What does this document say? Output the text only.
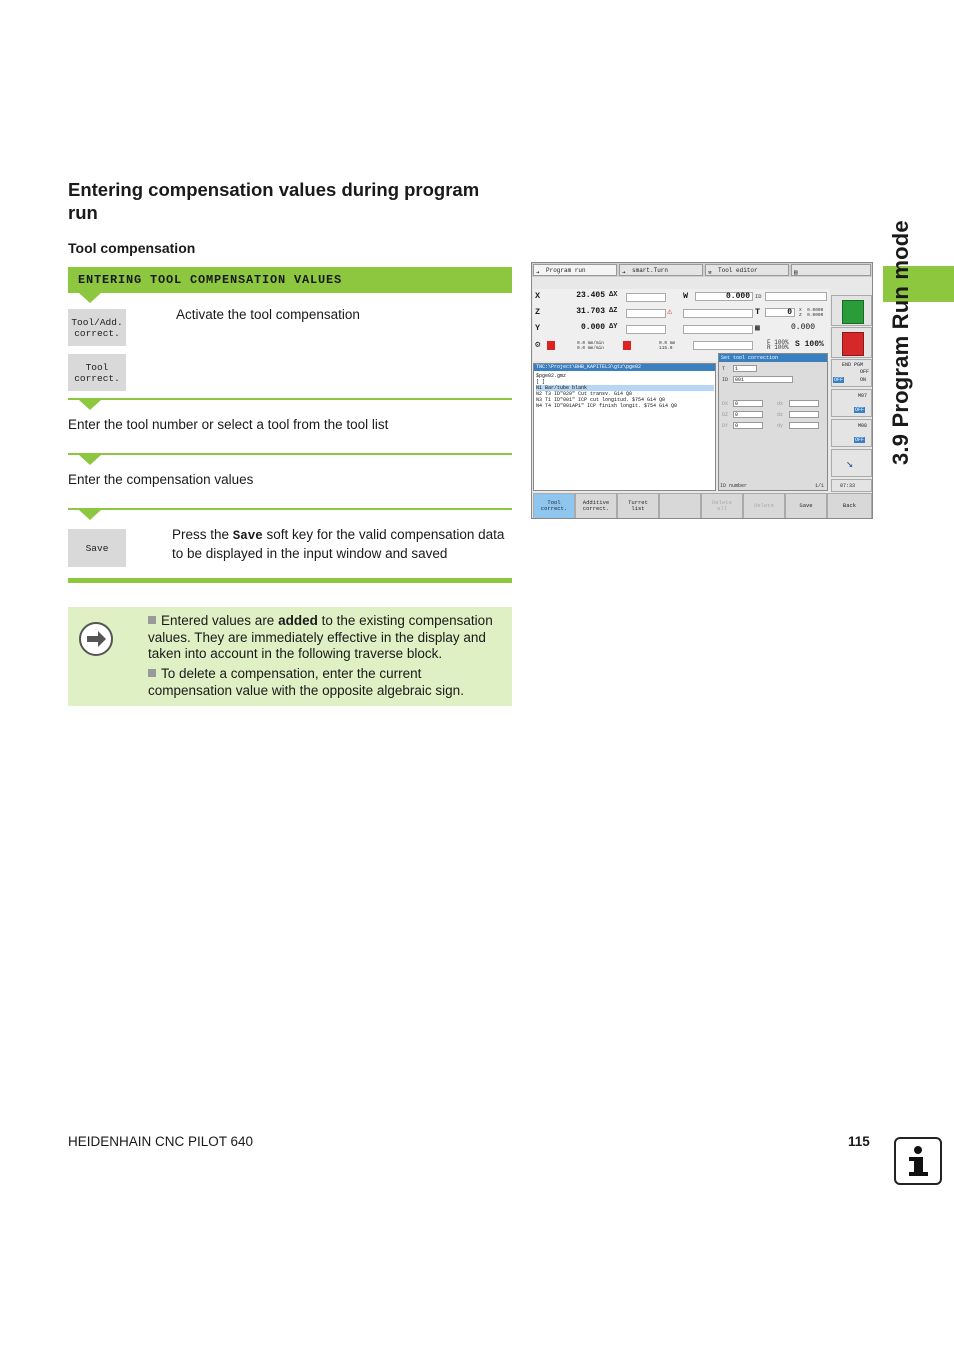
3.9 Program Run mode
Entering compensation values during program run
Tool compensation
ENTERING TOOL COMPENSATION VALUES
Tool/Add.
correct.
Tool
correct.
Activate the tool compensation
Enter the tool number or select a tool from the tool list
Enter the compensation values
Save
Press the Save soft key for the valid compensation data to be displayed in the input window and saved
Entered values are added to the existing compensation values. They are immediately effective in the display and taken into account in the following traverse block.
To delete a compensation, enter the current compensation value with the opposite algebraic sign.
➔	Program run	➔	smart.Turn	⚒	Tool editor	▤
X	23.405 ΔX
Z	31.703 ΔZ
Y	0.000 ΔY
W	0.000 ID
⚠	T	0	X  0.0000
Z  0.0000
▦	0.000
⚙	0.0 mm/min
0.0 mm/min
0.0 mm
115.0
F 100%
R 100% S 100%
TNC:\Project\BHB_KAPITEL3\gtz\pge02
$pge02.gmz
[ ]
N1 Bar/tube blank
N2 T3 ID"020" Cut transv. G14 Q0
N3 T1 ID"001" ICP cut longitud. $754 G14 Q0
N4 T4 ID"001AP1" ICP finish longit. $754 G14 Q0
Set tool correction
T	1
ID	001
DX	0	dx
DZ	0	dz
DY	0	dy
ID number	1/1
END PGM
OFF
OFF	ON
M07
OFF
M08
OFF
↘
07:33
Tool
correct.
Additive
correct.
Turret
list
Delete
all	Delete	Save	Back
HEIDENHAIN CNC PILOT 640	115
